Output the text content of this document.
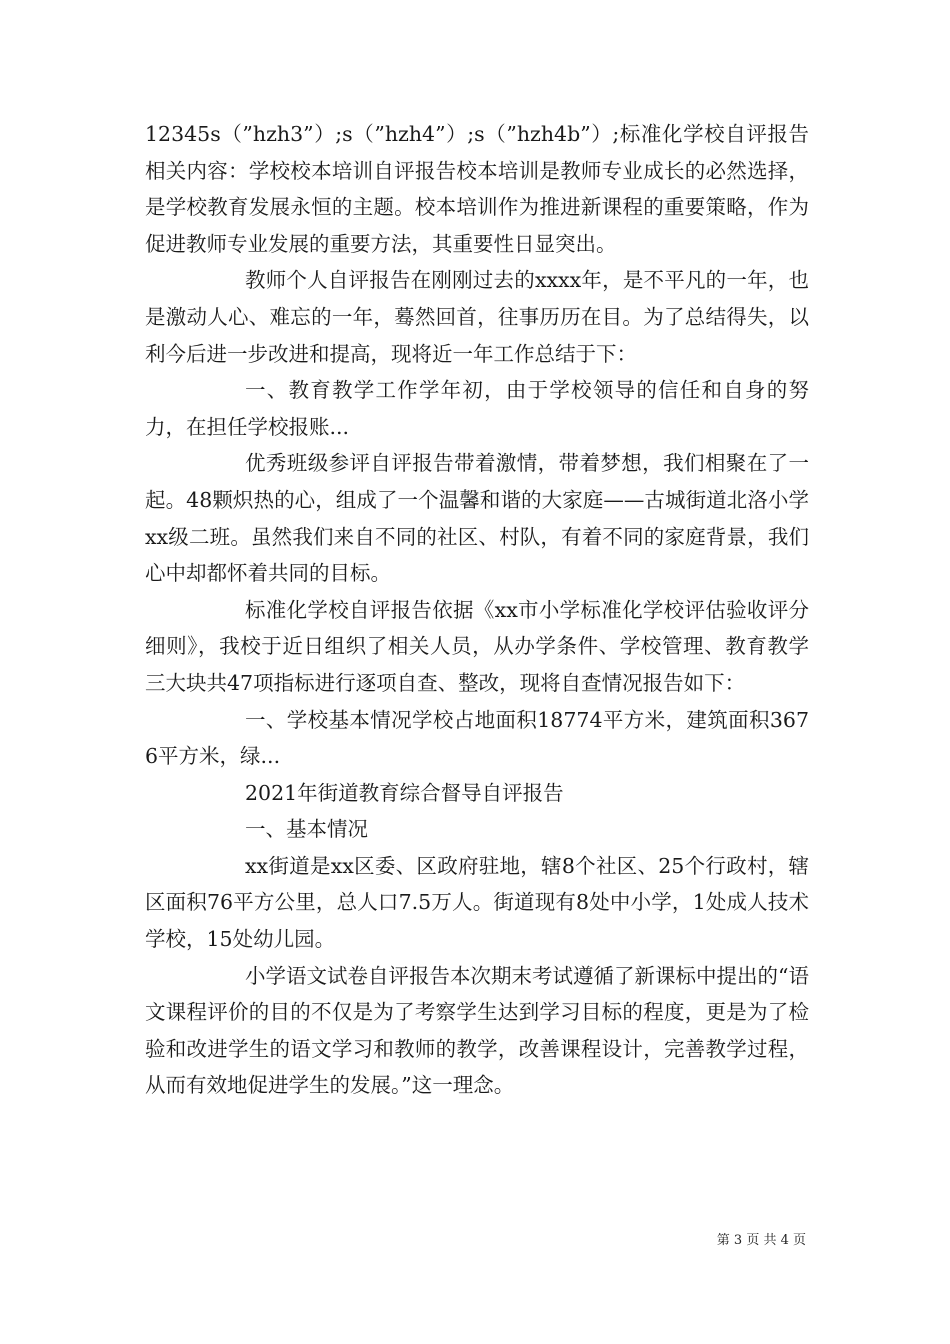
12345s（”hzh3”）;s（”hzh4”）;s（”hzh4b”）;标准化学校自评报告相关内容：学校校本培训自评报告校本培训是教师专业成长的必然选择，是学校教育发展永恒的主题。校本培训作为推进新课程的重要策略，作为促进教师专业发展的重要方法，其重要性日显突出。

教师个人自评报告在刚刚过去的xxxx年，是不平凡的一年，也是激动人心、难忘的一年，蓦然回首，往事历历在目。为了总结得失，以利今后进一步改进和提高，现将近一年工作总结于下：

一、教育教学工作学年初，由于学校领导的信任和自身的努力，在担任学校报账...

优秀班级参评自评报告带着激情，带着梦想，我们相聚在了一起。48颗炽热的心，组成了一个温馨和谐的大家庭——古城街道北洛小学xx级二班。虽然我们来自不同的社区、村队，有着不同的家庭背景，我们心中却都怀着共同的目标。

标准化学校自评报告依据《xx市小学标准化学校评估验收评分细则》，我校于近日组织了相关人员，从办学条件、学校管理、教育教学三大块共47项指标进行逐项自查、整改，现将自查情况报告如下：

一、学校基本情况学校占地面积18774平方米，建筑面积3676平方米，绿...

2021年街道教育综合督导自评报告

一、基本情况

xx街道是xx区委、区政府驻地，辖8个社区、25个行政村，辖区面积76平方公里，总人口7.5万人。街道现有8处中小学，1处成人技术学校，15处幼儿园。

小学语文试卷自评报告本次期末考试遵循了新课标中提出的“语文课程评价的目的不仅是为了考察学生达到学习目标的程度，更是为了检验和改进学生的语文学习和教师的教学，改善课程设计，完善教学过程，从而有效地促进学生的发展。”这一理念。

第 3 页 共 4 页
